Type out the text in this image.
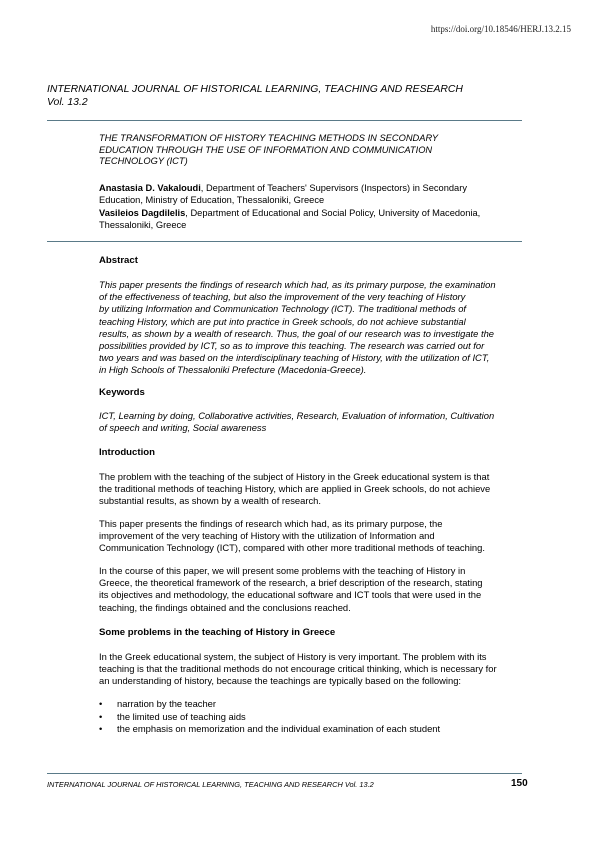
https://doi.org/10.18546/HERJ.13.2.15
INTERNATIONAL JOURNAL OF HISTORICAL LEARNING, TEACHING AND RESEARCH
Vol. 13.2
THE TRANSFORMATION OF HISTORY TEACHING METHODS IN SECONDARY
EDUCATION THROUGH THE USE OF INFORMATION AND COMMUNICATION
TECHNOLOGY (ICT)
Anastasia D. Vakaloudi, Department of Teachers' Supervisors (Inspectors) in Secondary
Education, Ministry of Education, Thessaloniki, Greece
Vasileios Dagdilelis, Department of Educational and Social Policy, University of Macedonia,
Thessaloniki, Greece
Abstract
This paper presents the findings of research which had, as its primary purpose, the examination
of the effectiveness of teaching, but also the improvement of the very teaching of History
by utilizing Information and Communication Technology (ICT). The traditional methods of
teaching History, which are put into practice in Greek schools, do not achieve substantial
results, as shown by a wealth of research. Thus, the goal of our research was to investigate the
possibilities provided by ICT, so as to improve this teaching. The research was carried out for
two years and was based on the interdisciplinary teaching of History, with the utilization of ICT,
in High Schools of Thessaloniki Prefecture (Macedonia-Greece).
Keywords
ICT, Learning by doing, Collaborative activities, Research, Evaluation of information, Cultivation
of speech and writing, Social awareness
Introduction
The problem with the teaching of the subject of History in the Greek educational system is that
the traditional methods of teaching History, which are applied in Greek schools, do not achieve
substantial results, as shown by a wealth of research.
This paper presents the findings of research which had, as its primary purpose, the
improvement of the very teaching of History with the utilization of Information and
Communication Technology (ICT), compared with other more traditional methods of teaching.
In the course of this paper, we will present some problems with the teaching of History in
Greece, the theoretical framework of the research, a brief description of the research, stating
its objectives and methodology, the educational software and ICT tools that were used in the
teaching, the findings obtained and the conclusions reached.
Some problems in the teaching of History in Greece
In the Greek educational system, the subject of History is very important. The problem with its
teaching is that the traditional methods do not encourage critical thinking, which is necessary for
an understanding of history, because the teachings are typically based on the following:
• narration by the teacher
• the limited use of teaching aids
• the emphasis on memorization and the individual examination of each student
INTERNATIONAL JOURNAL OF HISTORICAL LEARNING, TEACHING AND RESEARCH Vol. 13.2	150
